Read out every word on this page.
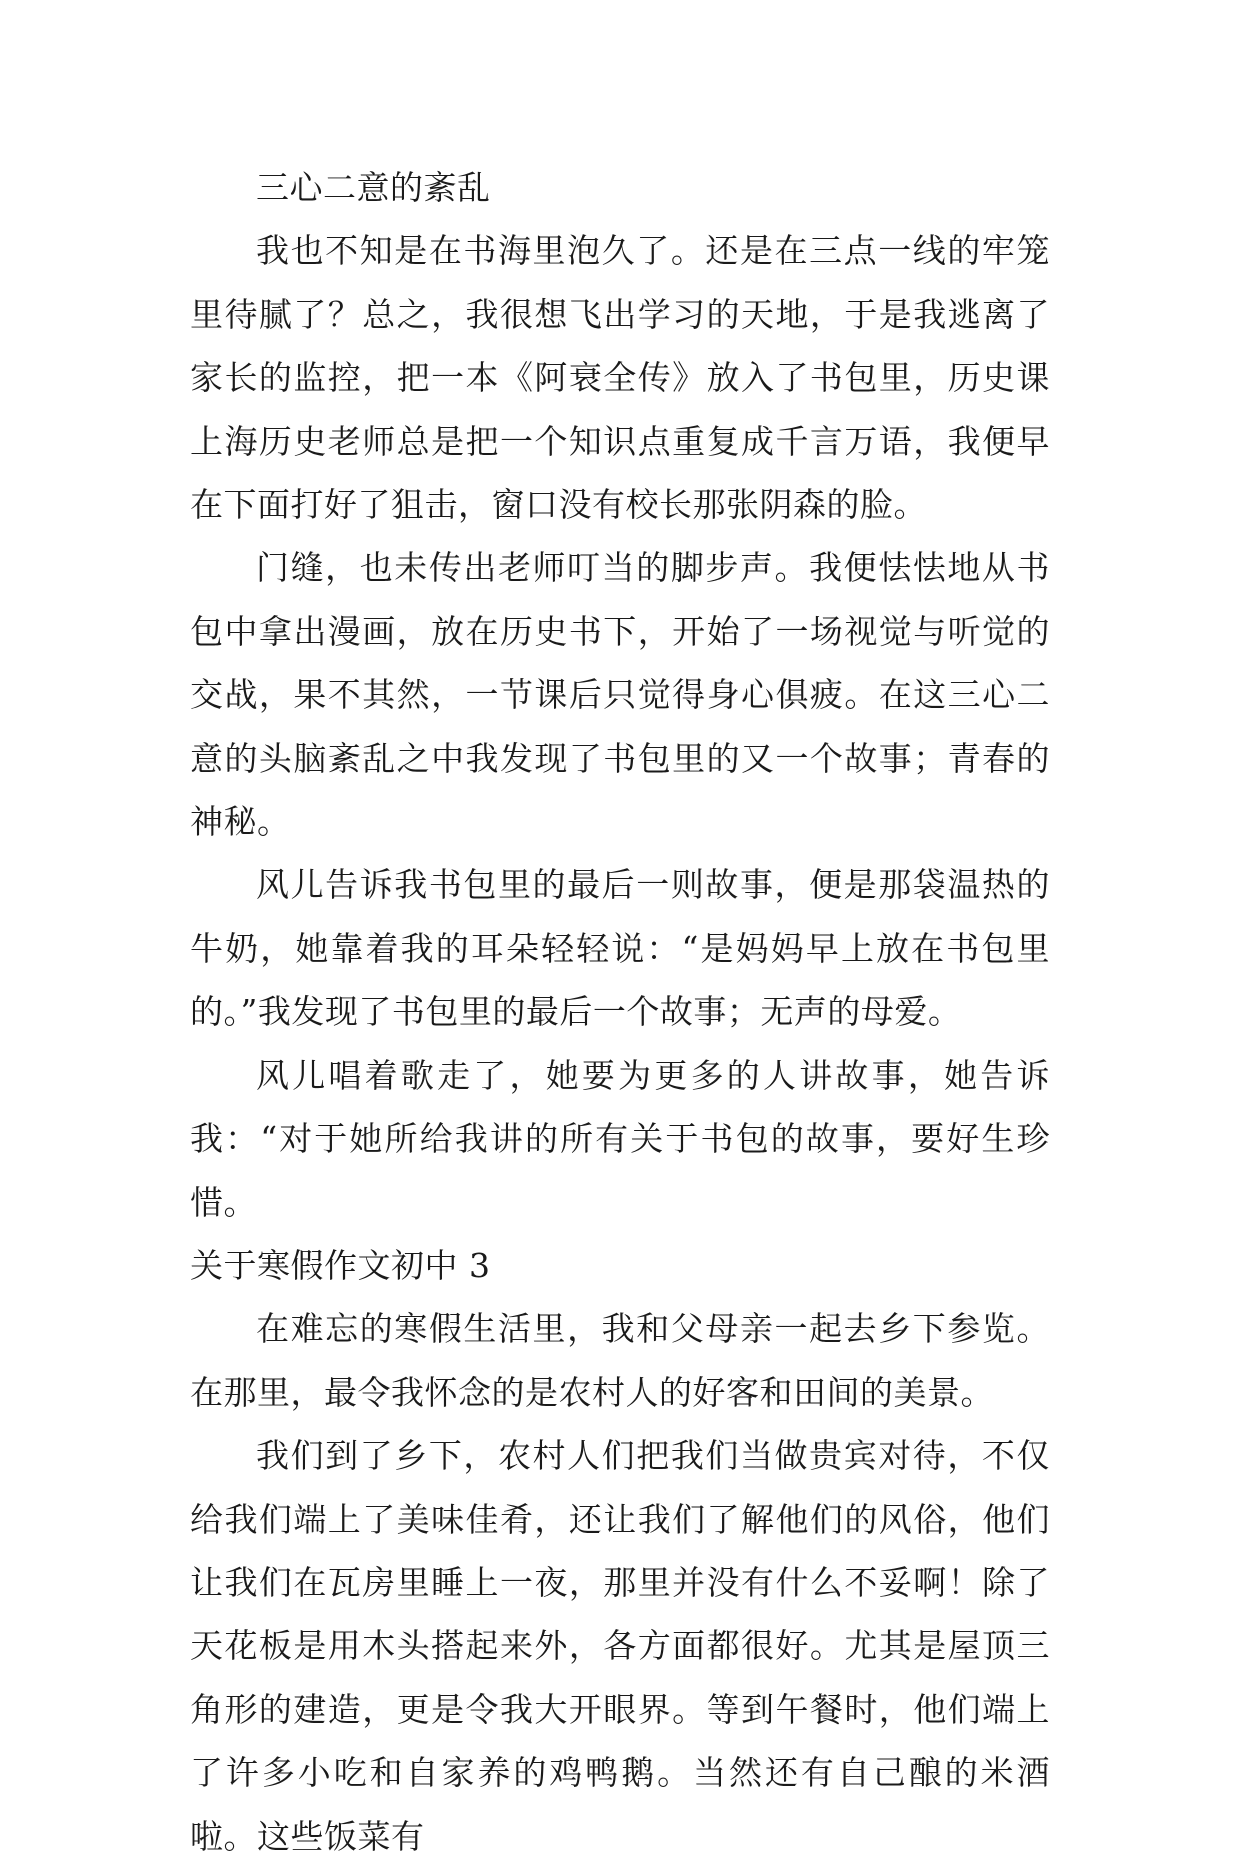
三心二意的紊乱

我也不知是在书海里泡久了。还是在三点一线的牢笼里待腻了？总之，我很想飞出学习的天地，于是我逃离了家长的监控，把一本《阿衰全传》放入了书包里，历史课上海历史老师总是把一个知识点重复成千言万语，我便早在下面打好了狙击，窗口没有校长那张阴森的脸。

门缝，也未传出老师叮当的脚步声。我便怯怯地从书包中拿出漫画，放在历史书下，开始了一场视觉与听觉的交战，果不其然，一节课后只觉得身心俱疲。在这三心二意的头脑紊乱之中我发现了书包里的又一个故事；青春的神秘。

风儿告诉我书包里的最后一则故事，便是那袋温热的牛奶，她靠着我的耳朵轻轻说：“是妈妈早上放在书包里的。”我发现了书包里的最后一个故事；无声的母爱。

风儿唱着歌走了，她要为更多的人讲故事，她告诉我：“对于她所给我讲的所有关于书包的故事，要好生珍惜。

关于寒假作文初中 3

在难忘的寒假生活里，我和父母亲一起去乡下参览。在那里，最令我怀念的是农村人的好客和田间的美景。

我们到了乡下，农村人们把我们当做贵宾对待，不仅给我们端上了美味佳肴，还让我们了解他们的风俗，他们让我们在瓦房里睡上一夜，那里并没有什么不妥啊！除了天花板是用木头搭起来外，各方面都很好。尤其是屋顶三角形的建造，更是令我大开眼界。等到午餐时，他们端上了许多小吃和自家养的鸡鸭鹅。当然还有自己酿的米酒啦。这些饭菜有
